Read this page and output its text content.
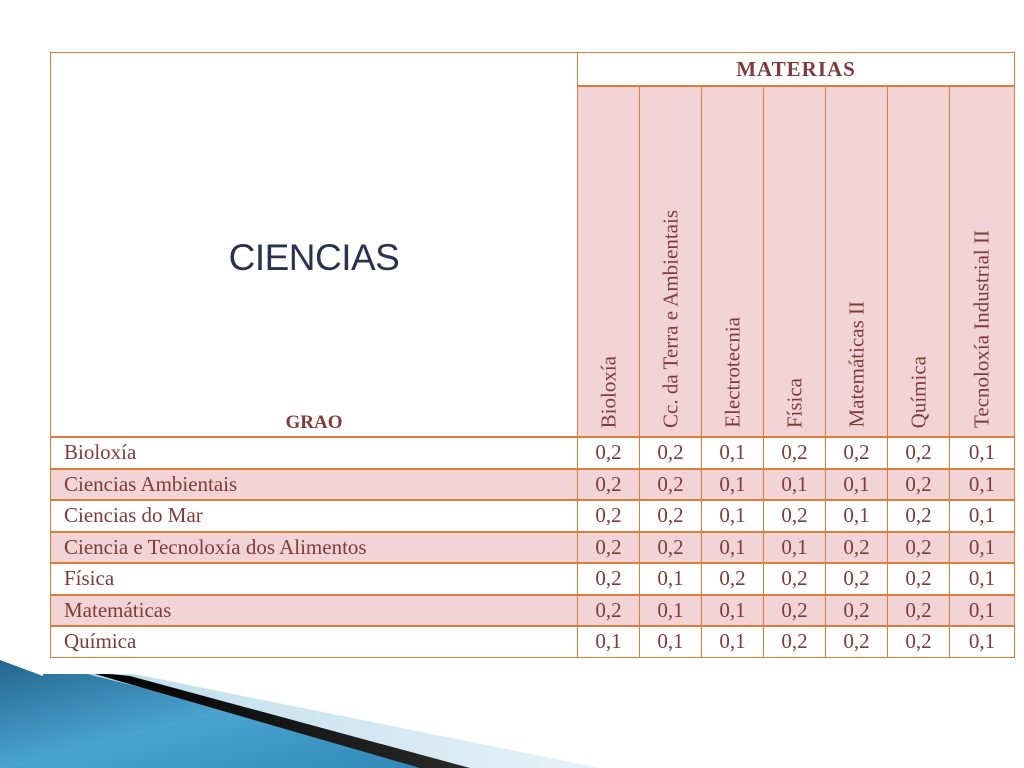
CIENCIAS
GRAO	MATERIAS						

	Bioloxía	Cc. da Terra e Ambientais	Electrotecnia	Física	Matemáticas II	Química	Tecnoloxía Industrial II

Bioloxía	0,2	0,2	0,1	0,2	0,2	0,2	0,1
Ciencias Ambientais	0,2	0,2	0,1	0,1	0,1	0,2	0,1
Ciencias do Mar	0,2	0,2	0,1	0,2	0,1	0,2	0,1
Ciencia e Tecnoloxía dos Alimentos	0,2	0,2	0,1	0,1	0,2	0,2	0,1
Física	0,2	0,1	0,2	0,2	0,2	0,2	0,1
Matemáticas	0,2	0,1	0,1	0,2	0,2	0,2	0,1
Química	0,1	0,1	0,1	0,2	0,2	0,2	0,1
